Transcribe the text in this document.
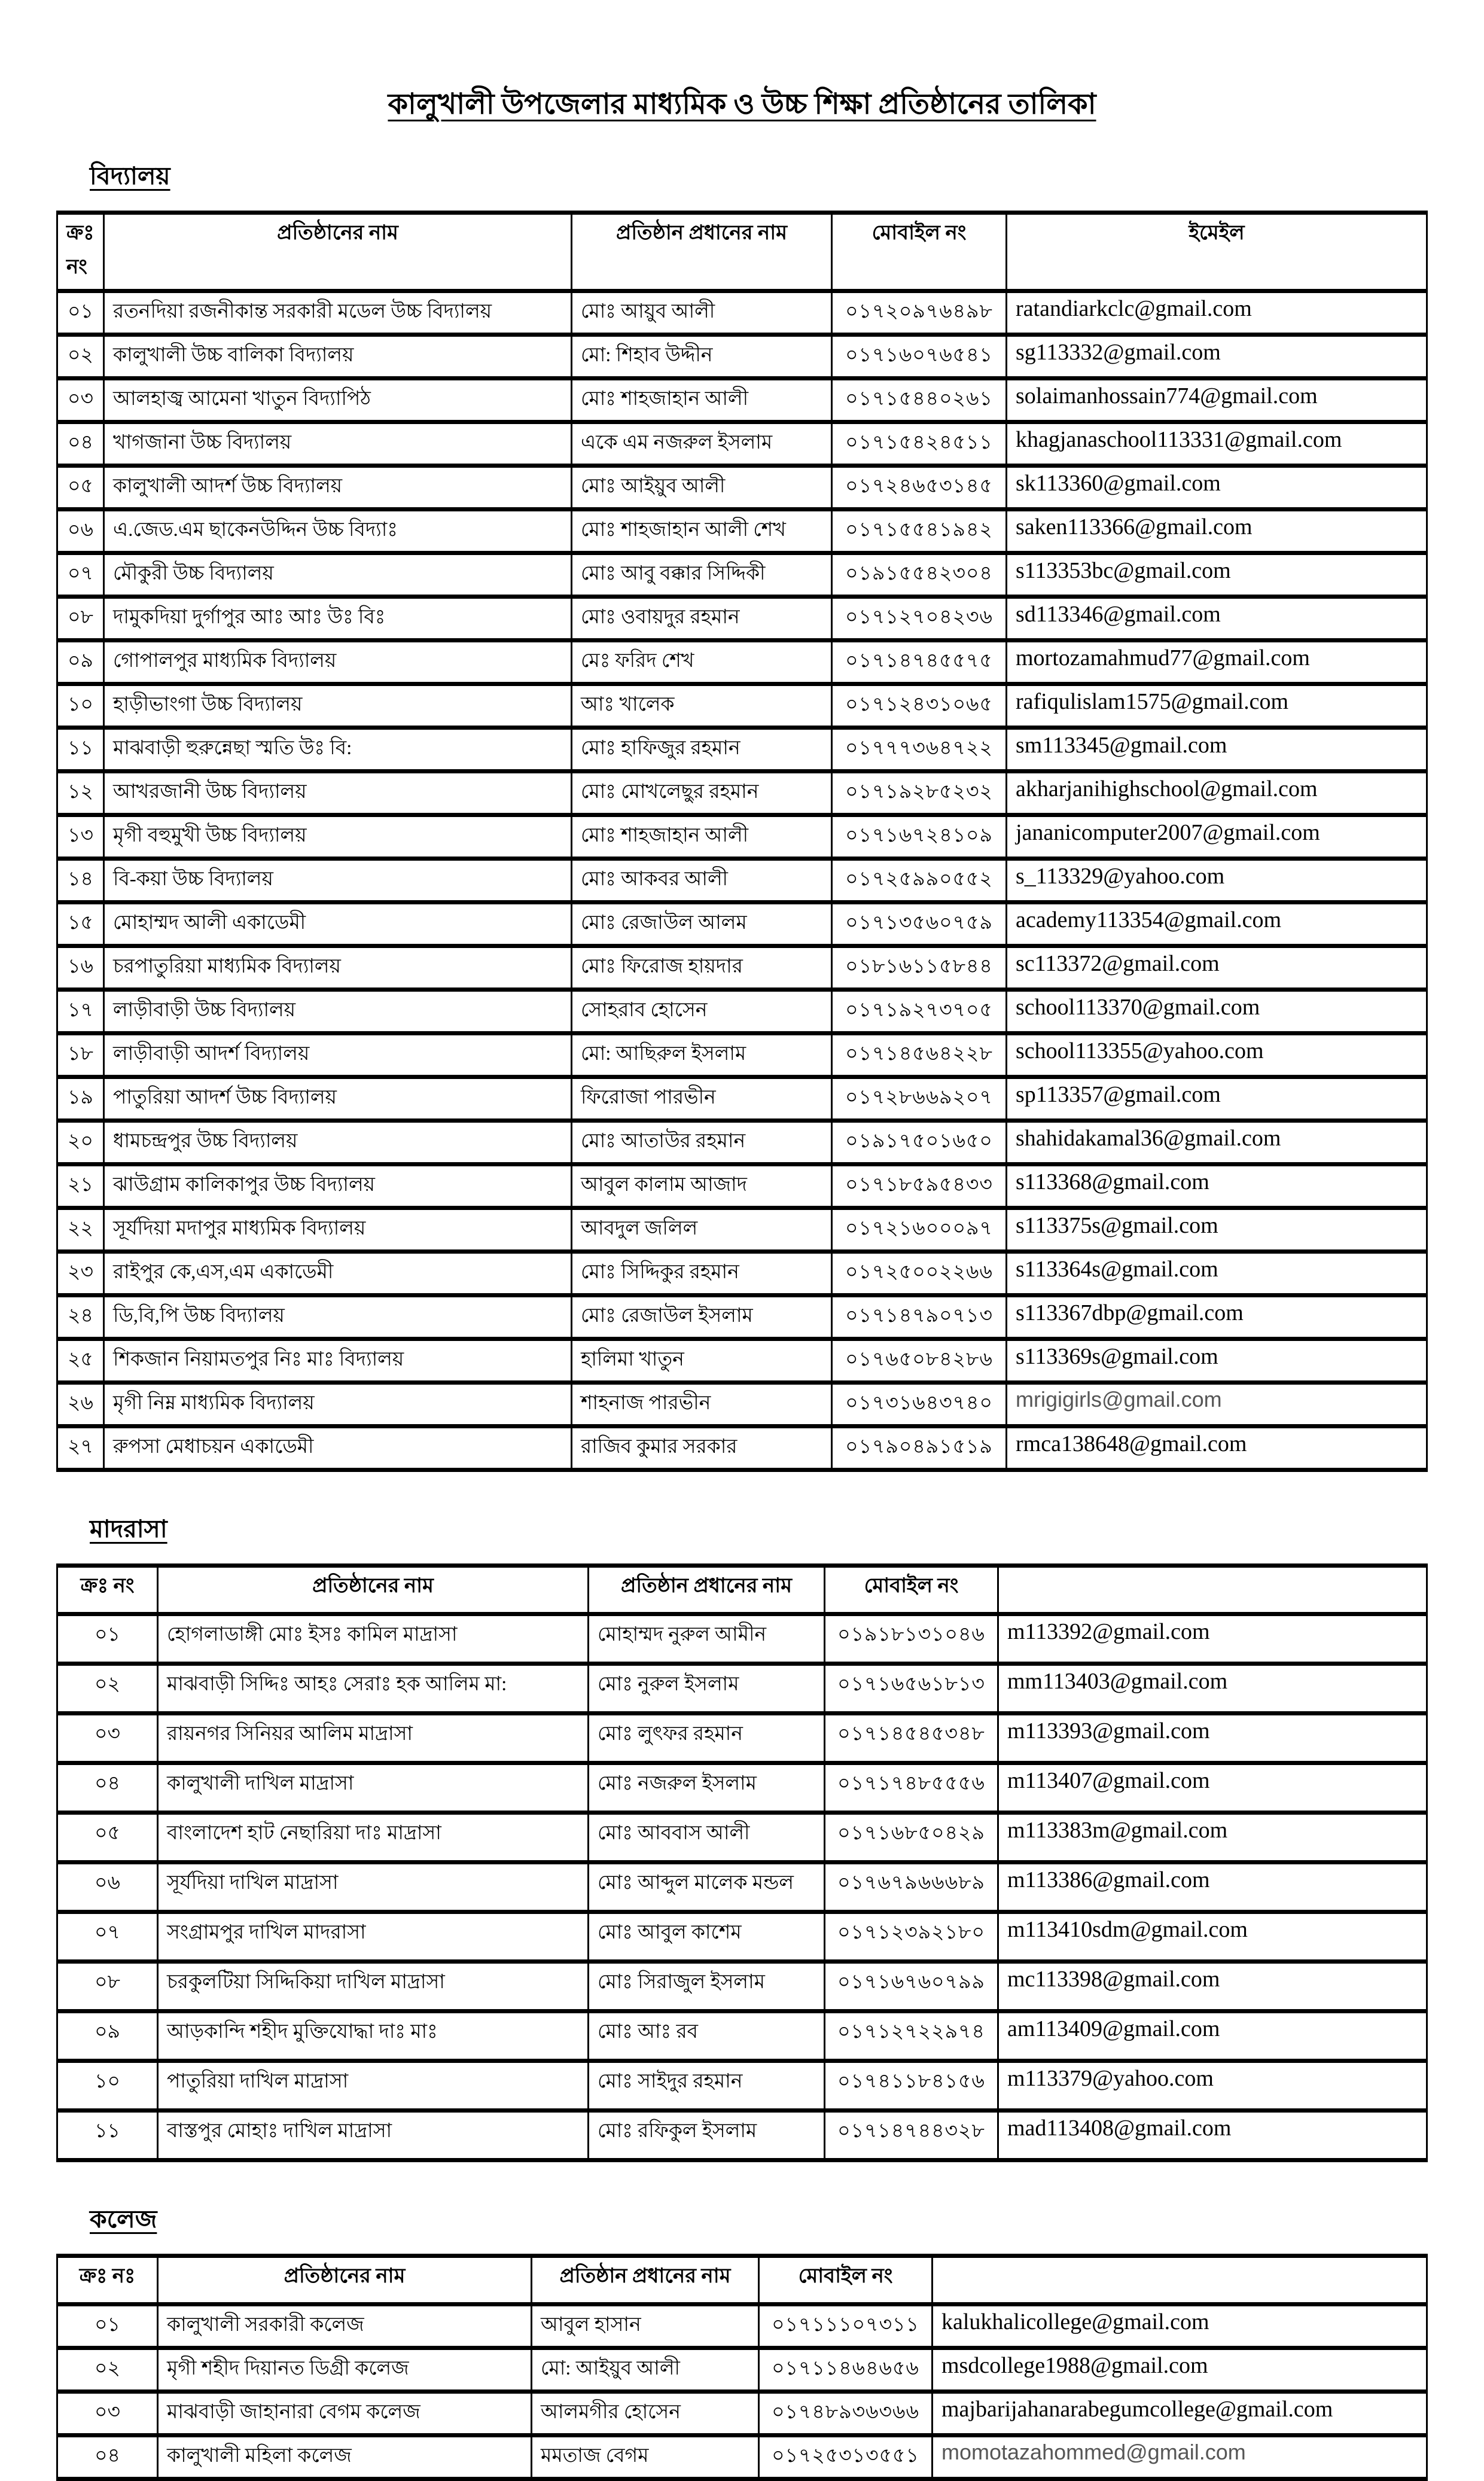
কালুখালী উপজেলার মাধ্যমিক ও উচ্চ শিক্ষা প্রতিষ্ঠানের তালিকা

বিদ্যালয়

ক্রঃ নং	প্রতিষ্ঠানের নাম	প্রতিষ্ঠান প্রধানের নাম	মোবাইল নং	ইমেইল
০১	রতনদিয়া রজনীকান্ত সরকারী মডেল উচ্চ বিদ্যালয়	মোঃ আয়ুব আলী	০১৭২০৯৭৬৪৯৮	ratandiarkclc@gmail.com
০২	কালুখালী উচ্চ বালিকা বিদ্যালয়	মো: শিহাব উদ্দীন	০১৭১৬০৭৬৫৪১	sg113332@gmail.com
০৩	আলহাজ্ব আমেনা খাতুন বিদ্যাপিঠ	মোঃ শাহজাহান আলী	০১৭১৫৪৪০২৬১	solaimanhossain774@gmail.com
০৪	খাগজানা উচ্চ বিদ্যালয়	একে এম নজরুল ইসলাম	০১৭১৫৪২৪৫১১	khagjanaschool113331@gmail.com
০৫	কালুখালী আদর্শ উচ্চ বিদ্যালয়	মোঃ আইয়ুব আলী	০১৭২৪৬৫৩১৪৫	sk113360@gmail.com
০৬	এ.জেড.এম ছাকেনউদ্দিন উচ্চ বিদ্যাঃ	মোঃ শাহজাহান আলী শেখ	০১৭১৫৫৪১৯৪২	saken113366@gmail.com
০৭	মৌকুরী উচ্চ বিদ্যালয়	মোঃ আবু বক্কার সিদ্দিকী	০১৯১৫৫৪২৩০৪	s113353bc@gmail.com
০৮	দামুকদিয়া দুর্গাপুর আঃ আঃ উঃ বিঃ	মোঃ ওবায়দুর রহমান	০১৭১২৭০৪২৩৬	sd113346@gmail.com
০৯	গোপালপুর মাধ্যমিক বিদ্যালয়	মেঃ ফরিদ শেখ	০১৭১৪৭৪৫৫৭৫	mortozamahmud77@gmail.com
১০	হাড়ীভাংগা উচ্চ বিদ্যালয়	আঃ খালেক	০১৭১২৪৩১০৬৫	rafiqulislam1575@gmail.com
১১	মাঝবাড়ী হুরুন্নেছা স্মতি উঃ বি:	মোঃ হাফিজুর রহমান	০১৭৭৭৩৬৪৭২২	sm113345@gmail.com
১২	আখরজানী উচ্চ বিদ্যালয়	মোঃ মোখলেছুর রহমান	০১৭১৯২৮৫২৩২	akharjanihighschool@gmail.com
১৩	মৃগী বহুমুখী উচ্চ বিদ্যালয়	মোঃ শাহজাহান আলী	০১৭১৬৭২৪১০৯	jananicomputer2007@gmail.com
১৪	বি-কয়া উচ্চ বিদ্যালয়	মোঃ আকবর আলী	০১৭২৫৯৯০৫৫২	s_113329@yahoo.com
১৫	মোহাম্মদ আলী একাডেমী	মোঃ রেজাউল আলম	০১৭১৩৫৬০৭৫৯	academy113354@gmail.com
১৬	চরপাতুরিয়া মাধ্যমিক বিদ্যালয়	মোঃ ফিরোজ হায়দার	০১৮১৬১১৫৮৪৪	sc113372@gmail.com
১৭	লাড়ীবাড়ী উচ্চ বিদ্যালয়	সোহরাব হোসেন	০১৭১৯২৭৩৭০৫	school113370@gmail.com
১৮	লাড়ীবাড়ী আদর্শ বিদ্যালয়	মো: আছিরুল ইসলাম	০১৭১৪৫৬৪২২৮	school113355@yahoo.com
১৯	পাতুরিয়া আদর্শ উচ্চ বিদ্যালয়	ফিরোজা পারভীন	০১৭২৮৬৬৯২০৭	sp113357@gmail.com
২০	ধামচন্দ্রপুর উচ্চ বিদ্যালয়	মোঃ আতাউর রহমান	০১৯১৭৫০১৬৫০	shahidakamal36@gmail.com
২১	ঝাউগ্রাম কালিকাপুর উচ্চ বিদ্যালয়	আবুল কালাম আজাদ	০১৭১৮৫৯৫৪৩৩	s113368@gmail.com
২২	সূর্যদিয়া মদাপুর মাধ্যমিক বিদ্যালয়	আবদুল জলিল	০১৭২১৬০০০৯৭	s113375s@gmail.com
২৩	রাইপুর কে,এস,এম একাডেমী	মোঃ সিদ্দিকুর রহমান	০১৭২৫০০২২৬৬	s113364s@gmail.com
২৪	ডি,বি,পি উচ্চ বিদ্যালয়	মোঃ রেজাউল ইসলাম	০১৭১৪৭৯০৭১৩	s113367dbp@gmail.com
২৫	শিকজান নিয়ামতপুর নিঃ মাঃ বিদ্যালয়	হালিমা খাতুন	০১৭৬৫০৮৪২৮৬	s113369s@gmail.com
২৬	মৃগী নিম্ন মাধ্যমিক বিদ্যালয়	শাহনাজ পারভীন	০১৭৩১৬৪৩৭৪০	mrigigirls@gmail.com
২৭	রুপসা মেধাচয়ন একাডেমী	রাজিব কুমার সরকার	০১৭৯০৪৯১৫১৯	rmca138648@gmail.com

মাদরাসা

ক্রঃ নং	প্রতিষ্ঠানের নাম	প্রতিষ্ঠান প্রধানের নাম	মোবাইল নং	
০১	হোগলাডাঙ্গী মোঃ ইসঃ কামিল মাদ্রাসা	মোহাম্মদ নুরুল আমীন	০১৯১৮১৩১০৪৬	m113392@gmail.com
০২	মাঝবাড়ী সিদ্দিঃ আহঃ সেরাঃ হক আলিম মা:	মোঃ নুরুল ইসলাম	০১৭১৬৫৬১৮১৩	mm113403@gmail.com
০৩	রায়নগর সিনিয়র আলিম মাদ্রাসা	মোঃ লুৎফর রহমান	০১৭১৪৫৪৫৩৪৮	m113393@gmail.com
০৪	কালুখালী দাখিল মাদ্রাসা	মোঃ নজরুল ইসলাম	০১৭১৭৪৮৫৫৫৬	m113407@gmail.com
০৫	বাংলাদেশ হাট নেছারিয়া দাঃ মাদ্রাসা	মোঃ আববাস আলী	০১৭১৬৮৫০৪২৯	m113383m@gmail.com
০৬	সূর্যদিয়া দাখিল মাদ্রাসা	মোঃ আব্দুল মালেক মন্ডল	০১৭৬৭৯৬৬৬৮৯	m113386@gmail.com
০৭	সংগ্রামপুর দাখিল মাদরাসা	মোঃ আবুল কাশেম	০১৭১২৩৯২১৮০	m113410sdm@gmail.com
০৮	চরকুলটিয়া সিদ্দিকিয়া দাখিল মাদ্রাসা	মোঃ সিরাজুল ইসলাম	০১৭১৬৭৬০৭৯৯	mc113398@gmail.com
০৯	আড়কান্দি শহীদ মুক্তিযোদ্ধা দাঃ মাঃ	মোঃ আঃ রব	০১৭১২৭২২৯৭৪	am113409@gmail.com
১০	পাতুরিয়া দাখিল মাদ্রাসা	মোঃ সাইদুর রহমান	০১৭৪১১৮৪১৫৬	m113379@yahoo.com
১১	বাস্তপুর মোহাঃ দাখিল মাদ্রাসা	মোঃ রফিকুল ইসলাম	০১৭১৪৭৪৪৩২৮	mad113408@gmail.com

কলেজ

ক্রঃ নঃ	প্রতিষ্ঠানের নাম	প্রতিষ্ঠান প্রধানের নাম	মোবাইল নং	
০১	কালুখালী সরকারী কলেজ	আবুল হাসান	০১৭১১১০৭৩১১	kalukhalicollege@gmail.com
০২	মৃগী শহীদ দিয়ানত ডিগ্রী কলেজ	মো: আইয়ুব আলী	০১৭১১৪৬৪৬৫৬	msdcollege1988@gmail.com
০৩	মাঝবাড়ী জাহানারা বেগম কলেজ	আলমগীর হোসেন	০১৭৪৮৯৩৬৩৬৬	majbarijahanarabegumcollege@gmail.com
০৪	কালুখালী মহিলা কলেজ	মমতাজ বেগম	০১৭২৫৩১৩৫৫১	momotazahommed@gmail.com
